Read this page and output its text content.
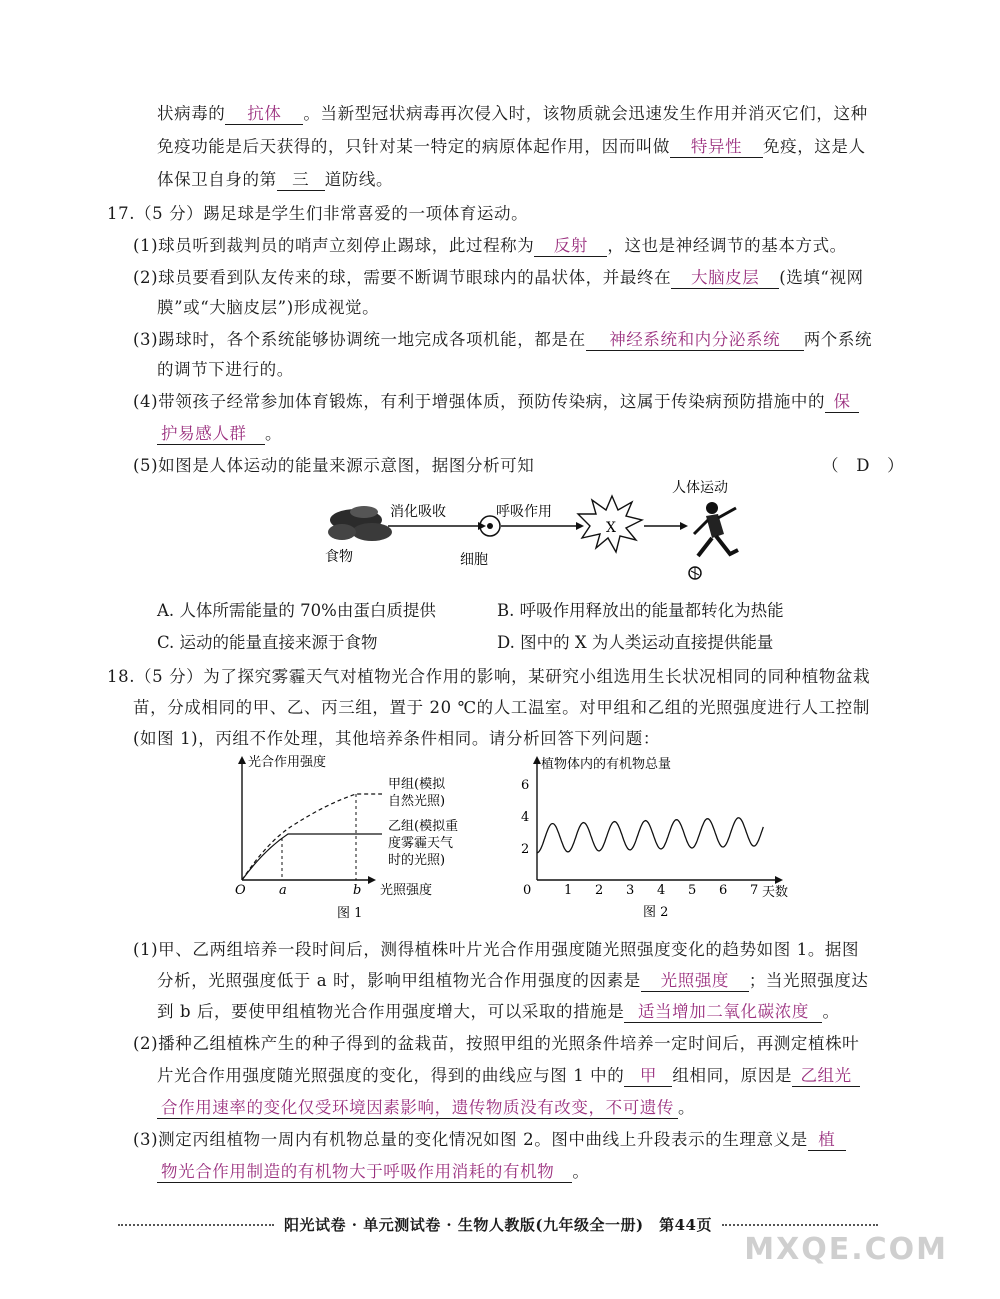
状病毒的 抗体 。当新型冠状病毒再次侵入时，该物质就会迅速发生作用并消灭它们，这种
免疫功能是后天获得的，只针对某一特定的病原体起作用，因而叫做 特异性 免疫，这是人
体保卫自身的第 三 道防线。
17.（5 分）踢足球是学生们非常喜爱的一项体育运动。
(1)球员听到裁判员的哨声立刻停止踢球，此过程称为 反射 ，这也是神经调节的基本方式。
(2)球员要看到队友传来的球，需要不断调节眼球内的晶状体，并最终在 大脑皮层 (选填“视网
膜”或“大脑皮层”)形成视觉。
(3)踢球时，各个系统能够协调统一地完成各项机能，都是在 神经系统和内分泌系统 两个系统
的调节下进行的。
(4)带领孩子经常参加体育锻炼，有利于增强体质，预防传染病，这属于传染病预防措施中的 保
护易感人群 。
(5)如图是人体运动的能量来源示意图，据图分析可知	（　D　）
食物
消化吸收
细胞
呼吸作用
X
人体运动
A. 人体所需能量的 70%由蛋白质提供	B. 呼吸作用释放出的能量都转化为热能
C. 运动的能量直接来源于食物	D. 图中的 X 为人类运动直接提供能量
18.（5 分）为了探究雾霾天气对植物光合作用的影响，某研究小组选用生长状况相同的同种植物盆栽
苗，分成相同的甲、乙、丙三组，置于 20 ℃的人工温室。对甲组和乙组的光照强度进行人工控制
(如图 1)，丙组不作处理，其他培养条件相同。请分析回答下列问题：
光合作用强度
光照强度
O	a	b
甲组(模拟
自然光照)
乙组(模拟重
度雾霾天气
时的光照)
图 1
植物体内的有机物总量
天数
0
2
4
6
1 2 3 4 5 6 7
图 2
(1)甲、乙两组培养一段时间后，测得植株叶片光合作用强度随光照强度变化的趋势如图 1。据图
分析，光照强度低于 a 时，影响甲组植物光合作用强度的因素是 光照强度 ；当光照强度达
到 b 后，要使甲组植物光合作用强度增大，可以采取的措施是 适当增加二氧化碳浓度 。
(2)播种乙组植株产生的种子得到的盆栽苗，按照甲组的光照条件培养一定时间后，再测定植株叶
片光合作用强度随光照强度的变化，得到的曲线应与图 1 中的 甲 组相同，原因是 乙组光
合作用速率的变化仅受环境因素影响，遗传物质没有改变，不可遗传 。
(3)测定丙组植物一周内有机物总量的变化情况如图 2。图中曲线上升段表示的生理意义是 植
物光合作用制造的有机物大于呼吸作用消耗的有机物 。
阳光试卷 · 单元测试卷 · 生物人教版(九年级全一册)　第44页
MXQE.COM
